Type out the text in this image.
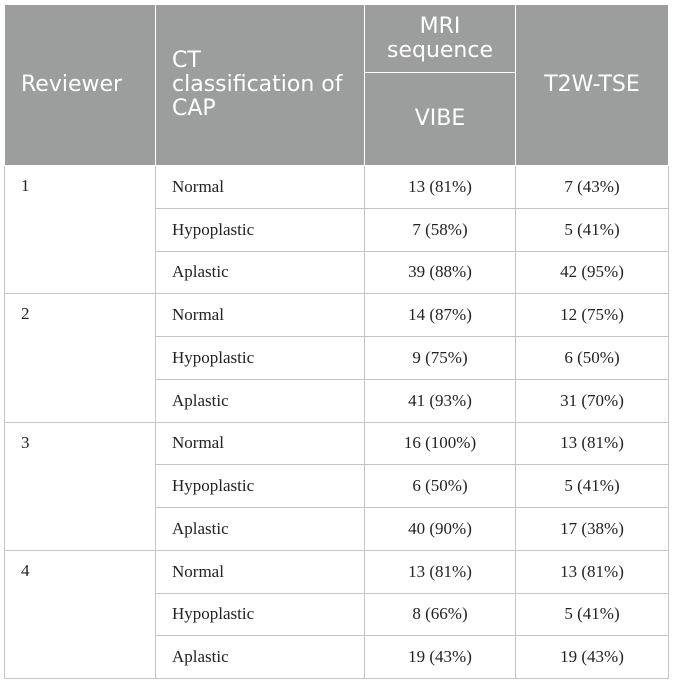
Reviewer	CT classification of CAP	MRI sequence	T2W-TSE
		VIBE	
1	Normal	13 (81%)	7 (43%)
	Hypoplastic	7 (58%)	5 (41%)
	Aplastic	39 (88%)	42 (95%)
2	Normal	14 (87%)	12 (75%)
	Hypoplastic	9 (75%)	6 (50%)
	Aplastic	41 (93%)	31 (70%)
3	Normal	16 (100%)	13 (81%)
	Hypoplastic	6 (50%)	5 (41%)
	Aplastic	40 (90%)	17 (38%)
4	Normal	13 (81%)	13 (81%)
	Hypoplastic	8 (66%)	5 (41%)
	Aplastic	19 (43%)	19 (43%)
